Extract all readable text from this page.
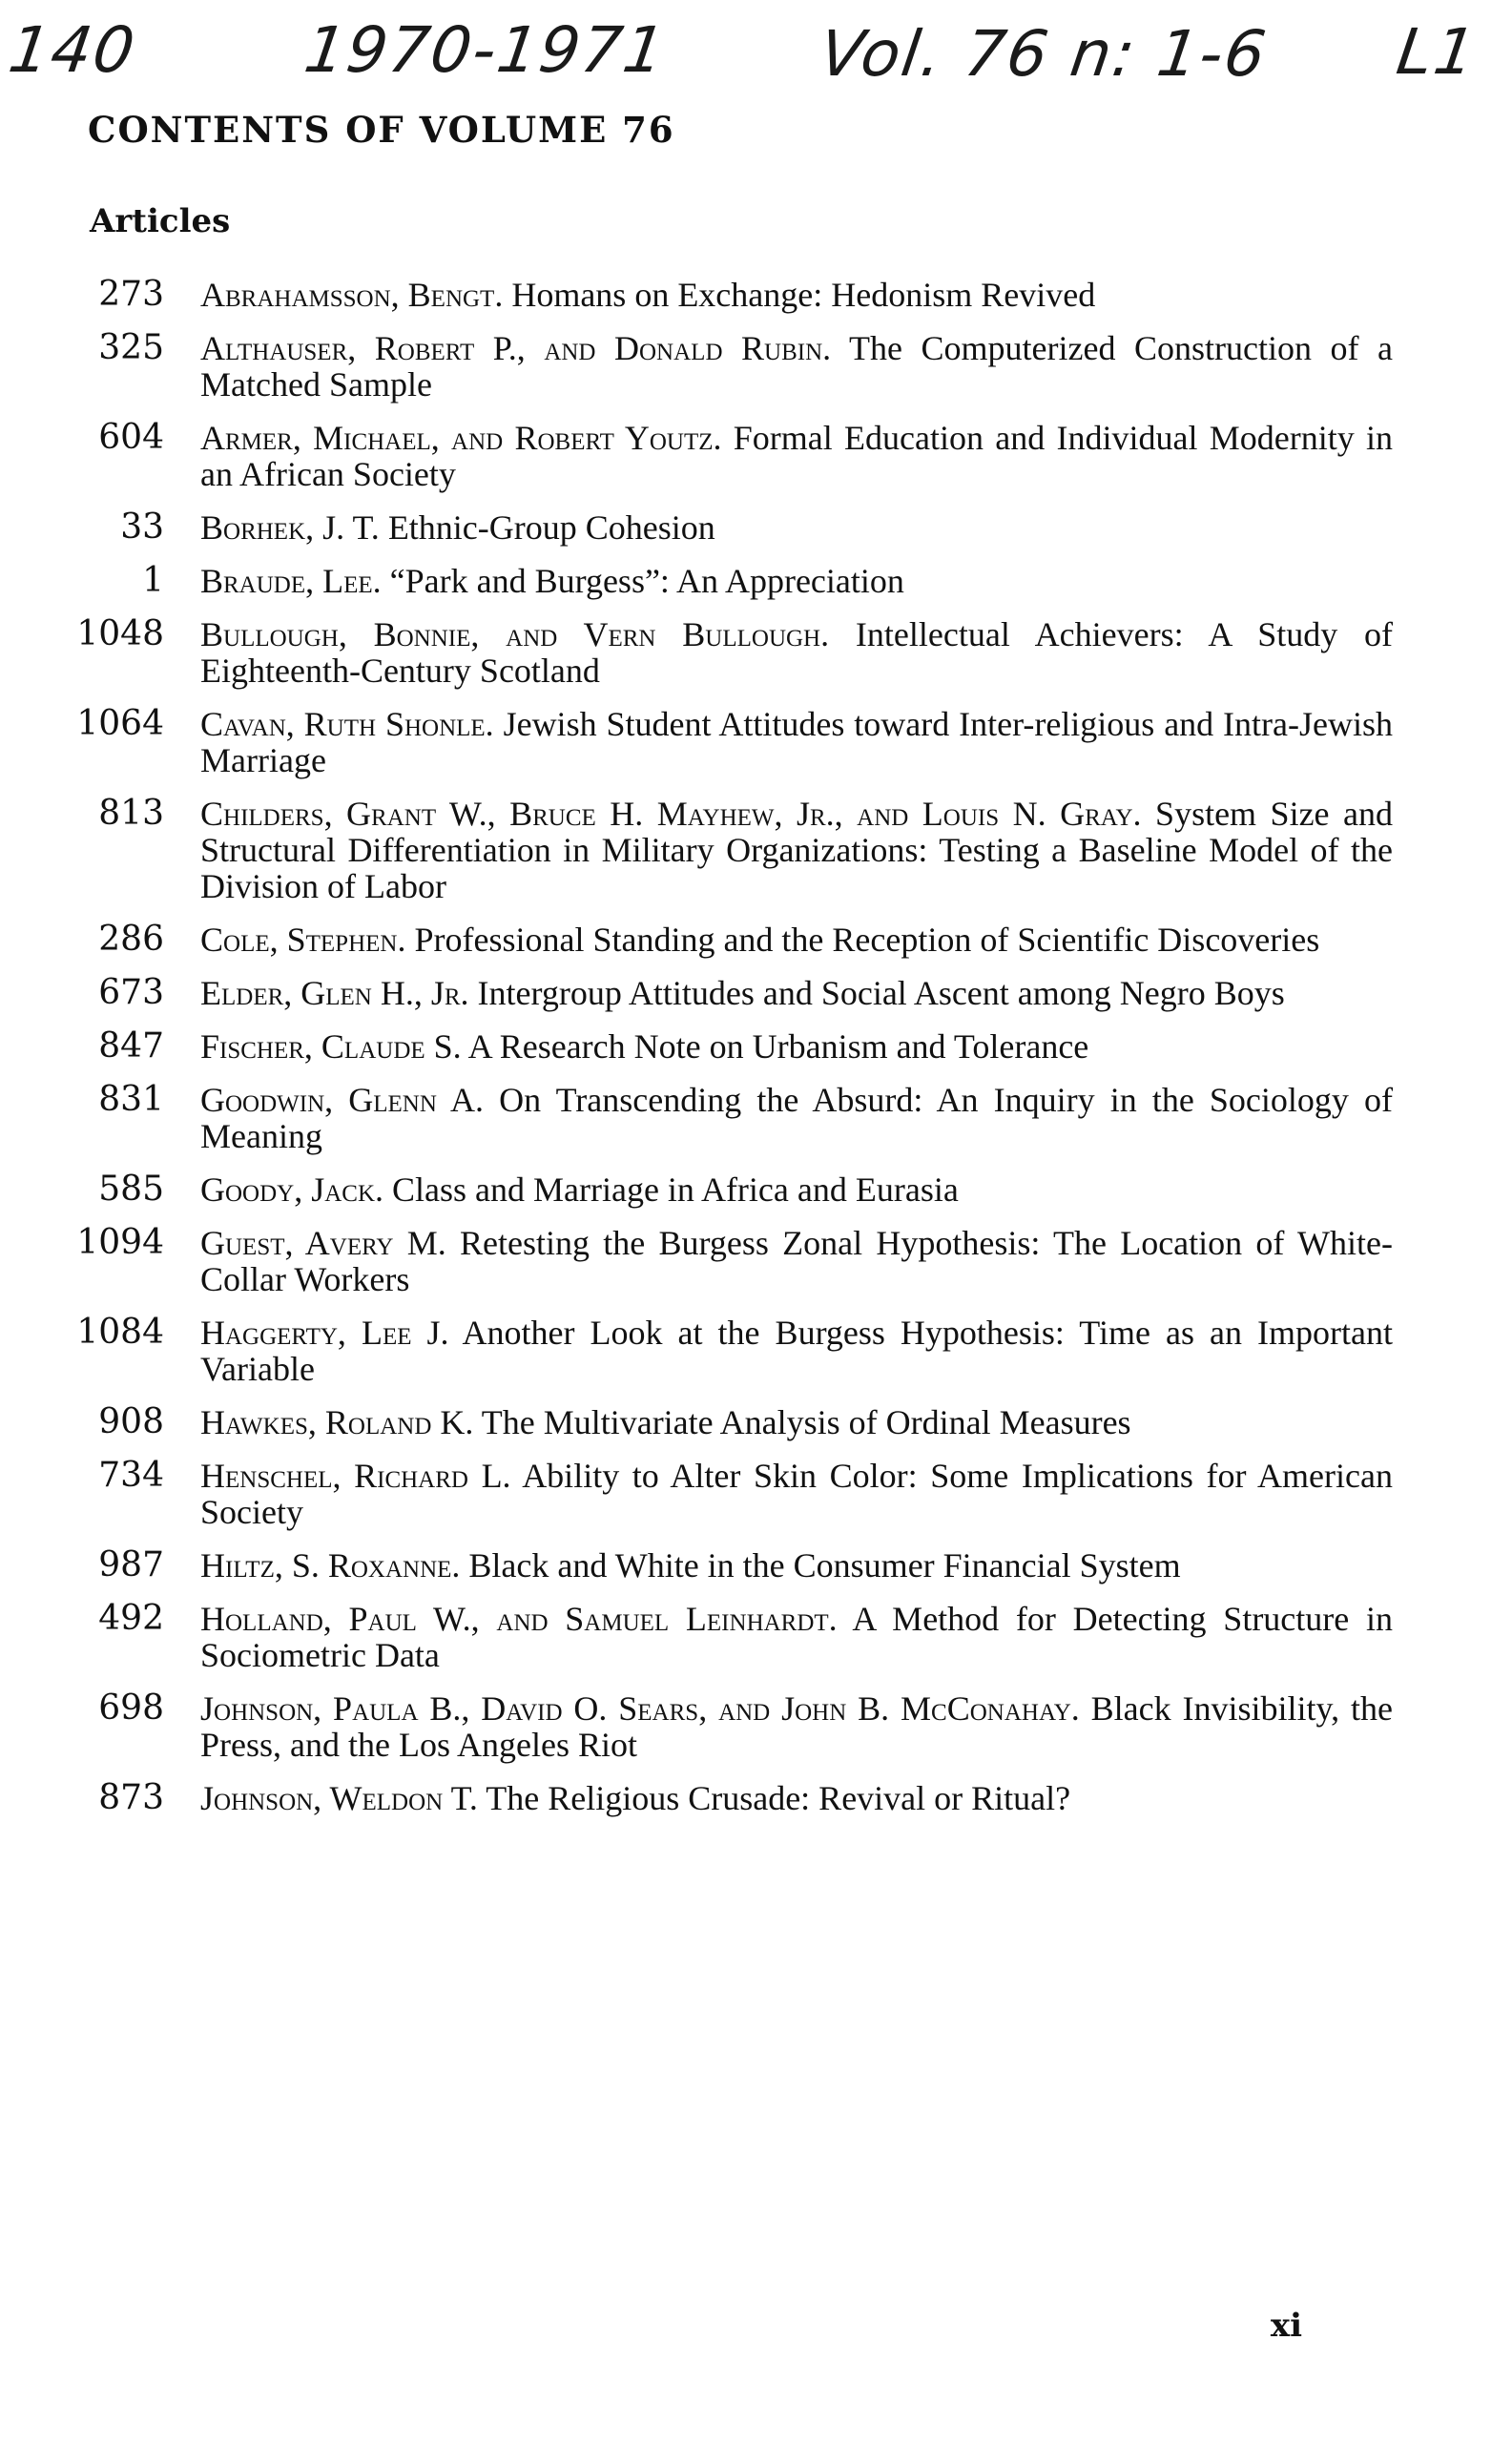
140	1970-1971 Vol. 76 n: 1-6 L1
CONTENTS OF VOLUME 76
Articles
273 Abrahamsson, Bengt. Homans on Exchange: Hedonism Revived
325 Althauser, Robert P., and Donald Rubin. The Computerized Construction of a Matched Sample
604 Armer, Michael, and Robert Youtz. Formal Education and Individual Modernity in an African Society
33 Borhek, J. T. Ethnic-Group Cohesion
1 Braude, Lee. “Park and Burgess”: An Appreciation
1048 Bullough, Bonnie, and Vern Bullough. Intellectual Achievers: A Study of Eighteenth-Century Scotland
1064 Cavan, Ruth Shonle. Jewish Student Attitudes toward Inter-religious and Intra-Jewish Marriage
813 Childers, Grant W., Bruce H. Mayhew, Jr., and Louis N. Gray. System Size and Structural Differentiation in Military Organizations: Testing a Baseline Model of the Division of Labor
286 Cole, Stephen. Professional Standing and the Reception of Scientific Discoveries
673 Elder, Glen H., Jr. Intergroup Attitudes and Social Ascent among Negro Boys
847 Fischer, Claude S. A Research Note on Urbanism and Tolerance
831 Goodwin, Glenn A. On Transcending the Absurd: An Inquiry in the Sociology of Meaning
585 Goody, Jack. Class and Marriage in Africa and Eurasia
1094 Guest, Avery M. Retesting the Burgess Zonal Hypothesis: The Location of White-Collar Workers
1084 Haggerty, Lee J. Another Look at the Burgess Hypothesis: Time as an Important Variable
908 Hawkes, Roland K. The Multivariate Analysis of Ordinal Measures
734 Henschel, Richard L. Ability to Alter Skin Color: Some Implications for American Society
987 Hiltz, S. Roxanne. Black and White in the Consumer Financial System
492 Holland, Paul W., and Samuel Leinhardt. A Method for Detecting Structure in Sociometric Data
698 Johnson, Paula B., David O. Sears, and John B. McConahay. Black Invisibility, the Press, and the Los Angeles Riot
873 Johnson, Weldon T. The Religious Crusade: Revival or Ritual?
xi
